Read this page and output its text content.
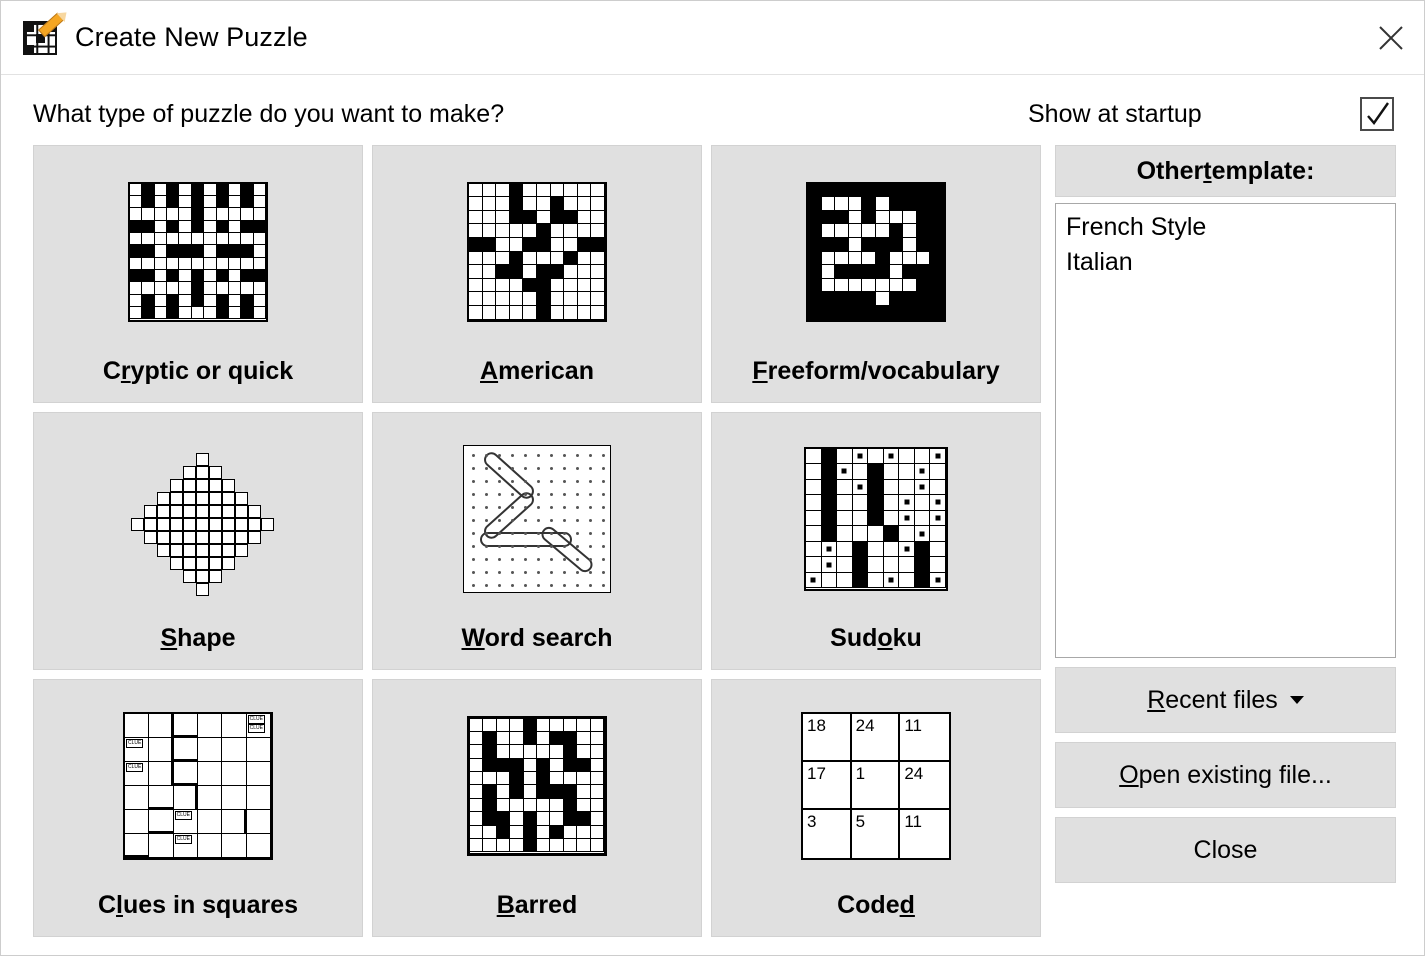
Create New Puzzle
What type of puzzle do you want to make?	Show at startup
Cryptic or quick	American	Freeform/vocabulary
Shape	Word search	Sudoku
CLUE
CLUE
CLUE
CLUE
CLUE
CLUE
Clues in squares	Barred
18	24	11
17	1	24
3	5	11
Coded
Other t emplate:
French Style
Italian
Recent files
Open existing file...
Close
